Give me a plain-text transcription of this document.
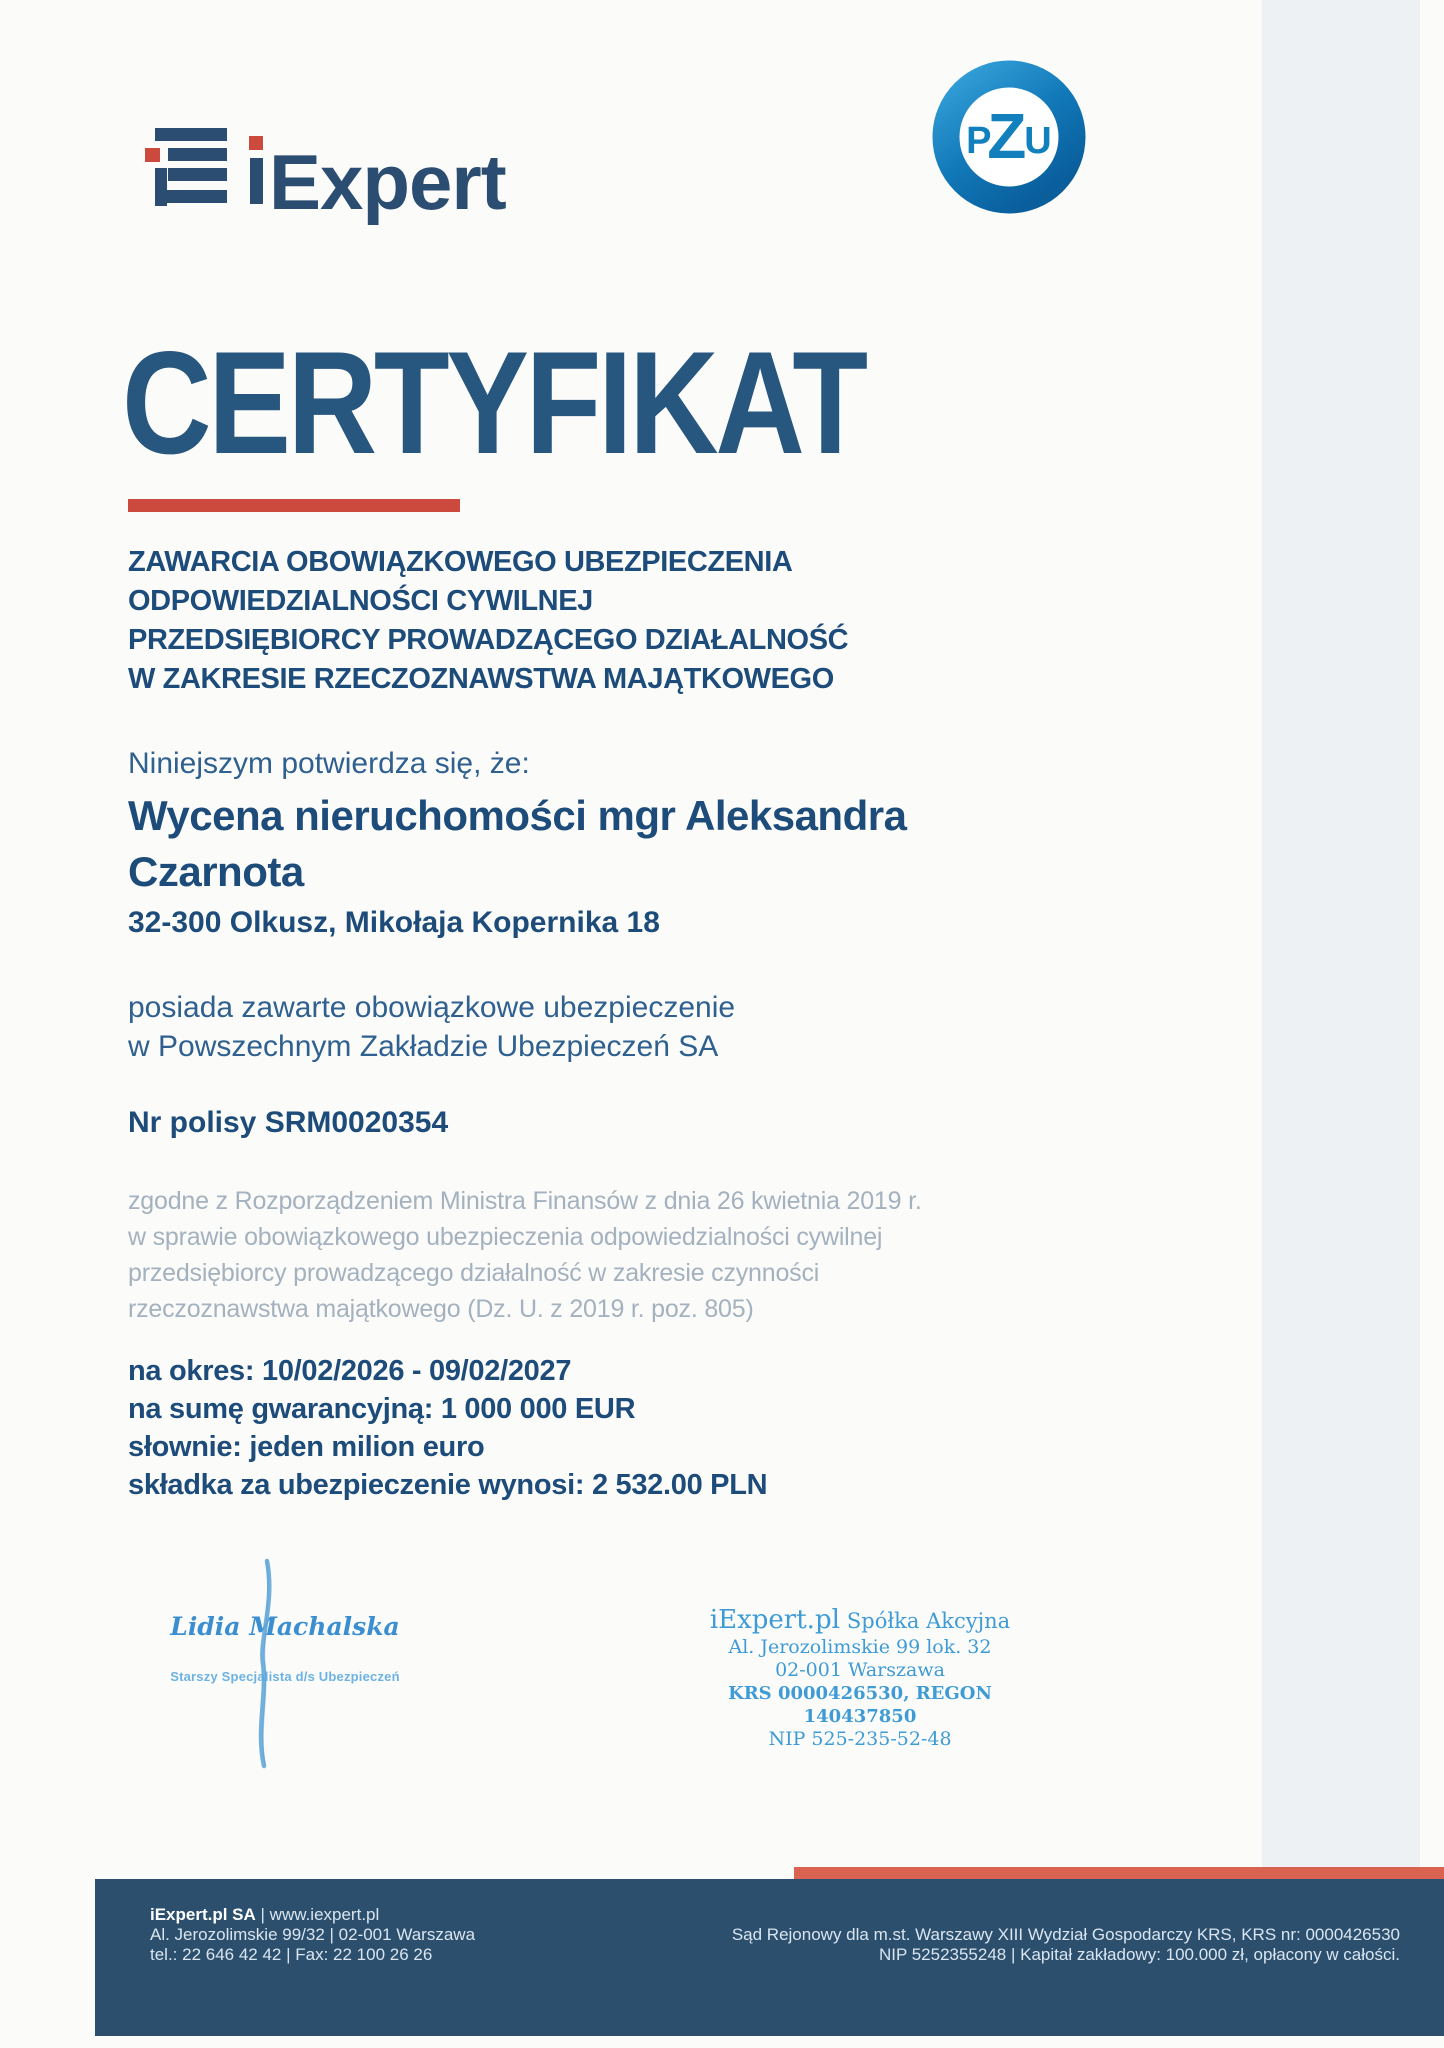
Expert	P Z U
CERTYFIKAT
ZAWARCIA OBOWIĄZKOWEGO UBEZPIECZENIA
ODPOWIEDZIALNOŚCI CYWILNEJ
PRZEDSIĘBIORCY PROWADZĄCEGO DZIAŁALNOŚĆ
W ZAKRESIE RZECZOZNAWSTWA MAJĄTKOWEGO
Niniejszym potwierdza się, że:
Wycena nieruchomości mgr Aleksandra
Czarnota
32-300 Olkusz, Mikołaja Kopernika 18
posiada zawarte obowiązkowe ubezpieczenie
w Powszechnym Zakładzie Ubezpieczeń SA
Nr polisy SRM0020354
zgodne z Rozporządzeniem Ministra Finansów z dnia 26 kwietnia 2019 r.
w sprawie obowiązkowego ubezpieczenia odpowiedzialności cywilnej
przedsiębiorcy prowadzącego działalność w zakresie czynności
rzeczoznawstwa majątkowego (Dz. U. z 2019 r. poz. 805)
na okres: 10/02/2026 - 09/02/2027
na sumę gwarancyjną: 1 000 000 EUR
słownie: jeden milion euro
składka za ubezpieczenie wynosi: 2 532.00 PLN
Lidia Machalska
Starszy Specjalista d/s Ubezpieczeń
iExpert.pl Spółka Akcyjna
Al. Jerozolimskie 99 lok. 32
02-001 Warszawa
KRS 0000426530, REGON 140437850
NIP 525-235-52-48
iExpert.pl SA | www.iexpert.pl
Al. Jerozolimskie 99/32 | 02-001 Warszawa
tel.: 22 646 42 42 | Fax: 22 100 26 26
Sąd Rejonowy dla m.st. Warszawy XIII Wydział Gospodarczy KRS, KRS nr: 0000426530
NIP 5252355248 | Kapitał zakładowy: 100.000 zł, opłacony w całości.
